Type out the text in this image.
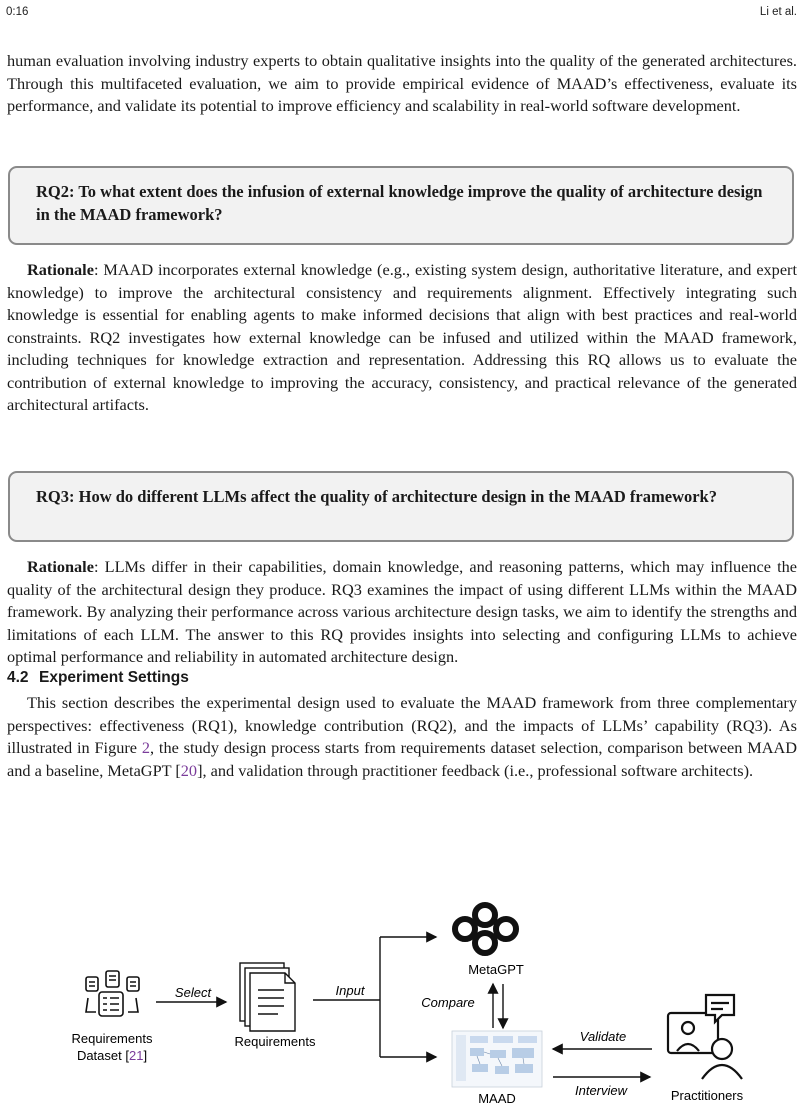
0:16	Li et al.

human evaluation involving industry experts to obtain qualitative insights into the quality of the generated architectures. Through this multifaceted evaluation, we aim to provide empirical evidence of MAAD’s effectiveness, evaluate its performance, and validate its potential to improve efficiency and scalability in real-world software development.

RQ2: To what extent does the infusion of external knowledge improve the quality of architecture design in the MAAD framework?

Rationale: MAAD incorporates external knowledge (e.g., existing system design, authoritative literature, and expert knowledge) to improve the architectural consistency and requirements alignment. Effectively integrating such knowledge is essential for enabling agents to make informed decisions that align with best practices and real-world constraints. RQ2 investigates how external knowledge can be infused and utilized within the MAAD framework, including techniques for knowledge extraction and representation. Addressing this RQ allows us to evaluate the contribution of external knowledge to improving the accuracy, consistency, and practical relevance of the generated architectural artifacts.

RQ3: How do different LLMs affect the quality of architecture design in the MAAD framework?

Rationale: LLMs differ in their capabilities, domain knowledge, and reasoning patterns, which may influence the quality of the architectural design they produce. RQ3 examines the impact of using different LLMs within the MAAD framework. By analyzing their performance across various architecture design tasks, we aim to identify the strengths and limitations of each LLM. The answer to this RQ provides insights into selecting and configuring LLMs to achieve optimal performance and reliability in automated architecture design.

4.2 Experiment Settings

This section describes the experimental design used to evaluate the MAAD framework from three complementary perspectives: effectiveness (RQ1), knowledge contribution (RQ2), and the impacts of LLMs’ capability (RQ3). As illustrated in Figure 2, the study design process starts from requirements dataset selection, comparison between MAAD and a baseline, MetaGPT [20], and validation through practitioner feedback (i.e., professional software architects).

Requirements
Dataset [21]
Select
Requirements
Input
MetaGPT
Compare
MAAD
Validate
Interview	Practitioners
